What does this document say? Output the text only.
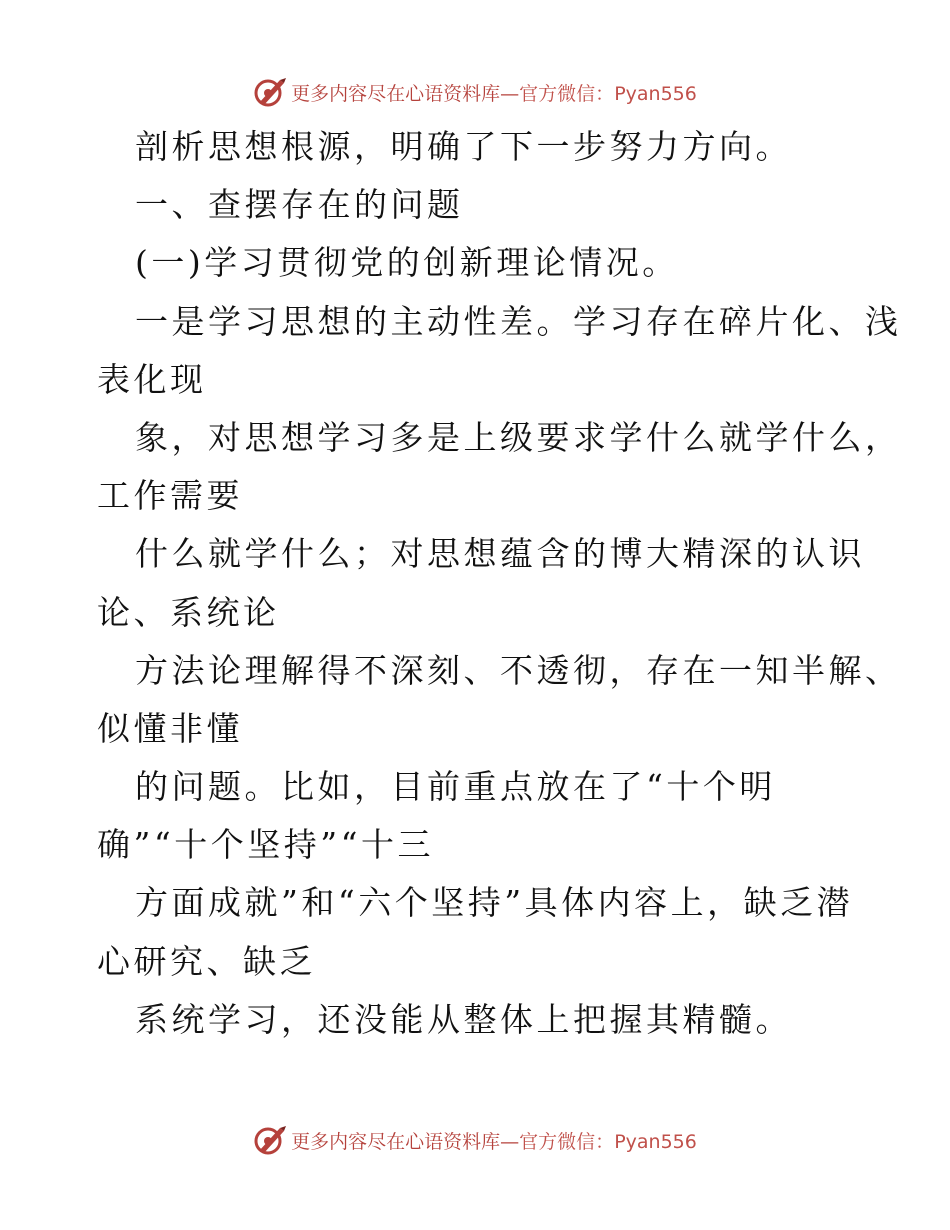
更多内容尽在心语资料库—官方微信：Pyan556
剖析思想根源，明确了下一步努力方向。
一、查摆存在的问题
(一)学习贯彻党的创新理论情况。
一是学习思想的主动性差。学习存在碎片化、浅
表化现
象，对思想学习多是上级要求学什么就学什么，
工作需要
什么就学什么；对思想蕴含的博大精深的认识
论、系统论
方法论理解得不深刻、不透彻，存在一知半解、
似懂非懂
的问题。比如，目前重点放在了“十个明
确”“十个坚持”“十三
方面成就”和“六个坚持”具体内容上，缺乏潜
心研究、缺乏
系统学习，还没能从整体上把握其精髓。
更多内容尽在心语资料库—官方微信：Pyan556
